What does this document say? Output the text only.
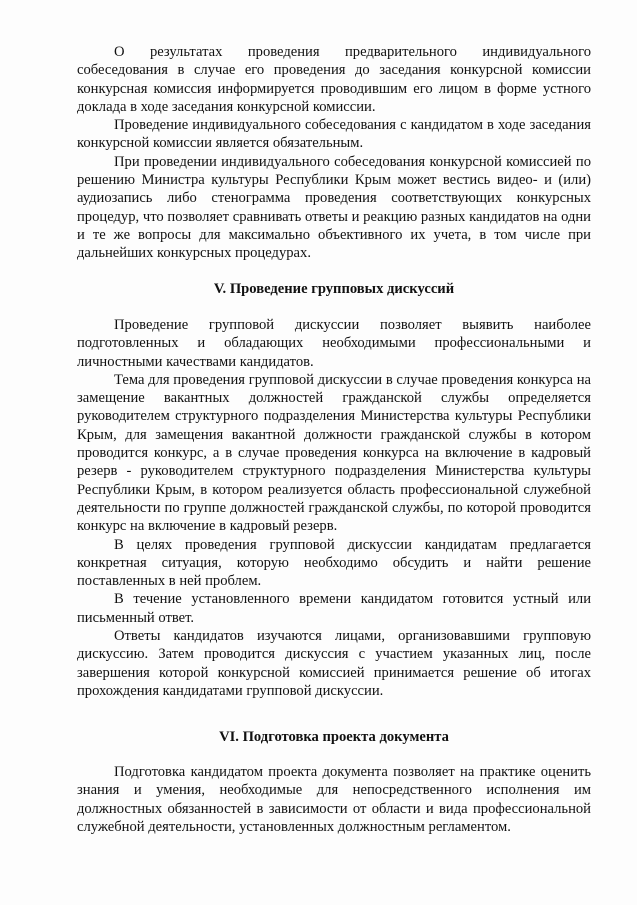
О результатах проведения предварительного индивидуального собеседования в случае его проведения до заседания конкурсной комиссии конкурсная комиссия информируется проводившим его лицом в форме устного доклада в ходе заседания конкурсной комиссии.

Проведение индивидуального собеседования с кандидатом в ходе заседания конкурсной комиссии является обязательным.

При проведении индивидуального собеседования конкурсной комиссией по решению Министра культуры Республики Крым может вестись видео- и (или) аудиозапись либо стенограмма проведения соответствующих конкурсных процедур, что позволяет сравнивать ответы и реакцию разных кандидатов на одни и те же вопросы для максимально объективного их учета, в том числе при дальнейших конкурсных процедурах.

V. Проведение групповых дискуссий

Проведение групповой дискуссии позволяет выявить наиболее подготовленных и обладающих необходимыми профессиональными и личностными качествами кандидатов.

Тема для проведения групповой дискуссии в случае проведения конкурса на замещение вакантных должностей гражданской службы определяется руководителем структурного подразделения Министерства культуры Республики Крым, для замещения вакантной должности гражданской службы в котором проводится конкурс, а в случае проведения конкурса на включение в кадровый резерв - руководителем структурного подразделения Министерства культуры Республики Крым, в котором реализуется область профессиональной служебной деятельности по группе должностей гражданской службы, по которой проводится конкурс на включение в кадровый резерв.

В целях проведения групповой дискуссии кандидатам предлагается конкретная ситуация, которую необходимо обсудить и найти решение поставленных в ней проблем.

В течение установленного времени кандидатом готовится устный или письменный ответ.

Ответы кандидатов изучаются лицами, организовавшими групповую дискуссию. Затем проводится дискуссия с участием указанных лиц, после завершения которой конкурсной комиссией принимается решение об итогах прохождения кандидатами групповой дискуссии.

VI. Подготовка проекта документа

Подготовка кандидатом проекта документа позволяет на практике оценить знания и умения, необходимые для непосредственного исполнения им должностных обязанностей в зависимости от области и вида профессиональной служебной деятельности, установленных должностным регламентом.
